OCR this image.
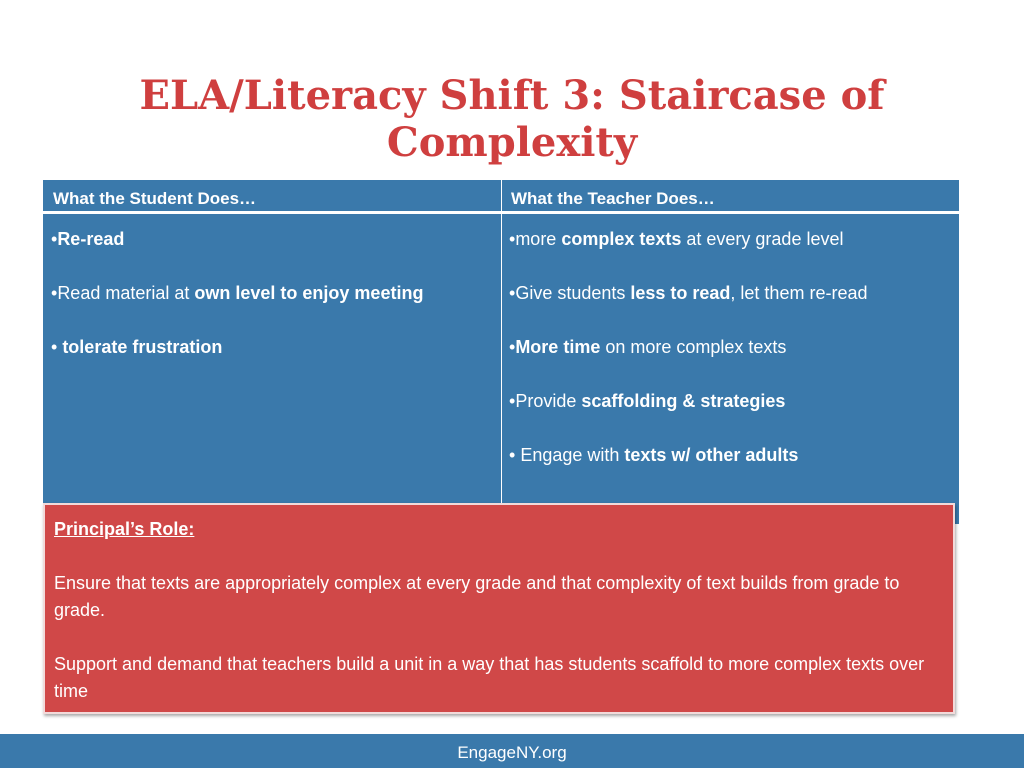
ELA/Literacy Shift 3: Staircase of Complexity
What the Student Does…	What the Teacher Does…

•Re-read

•Read material at own level to enjoy meeting

• tolerate frustration

•more complex texts at every grade level

•Give students less to read, let them re-read

•More time on more complex texts

•Provide scaffolding & strategies

• Engage with texts w/ other adults

Principal’s Role:

Ensure that texts are appropriately complex at every grade and that complexity of text builds from grade to grade.

Support and demand that teachers build a unit in a way that has students scaffold to more complex texts over time

EngageNY.org
